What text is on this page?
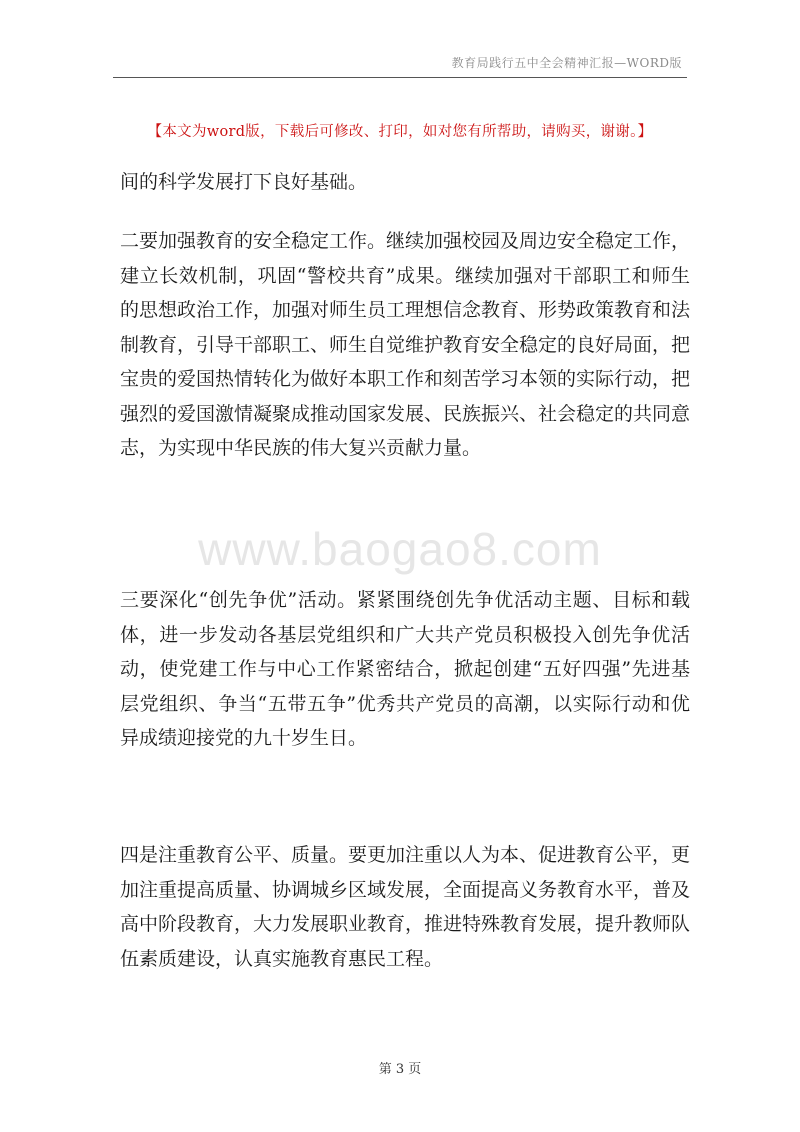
教育局践行五中全会精神汇报—WORD版
【本文为word版，下载后可修改、打印，如对您有所帮助，请购买，谢谢。】
间的科学发展打下良好基础。
二要加强教育的安全稳定工作。继续加强校园及周边安全稳定工作，建立长效机制，巩固“警校共育”成果。继续加强对干部职工和师生的思想政治工作，加强对师生员工理想信念教育、形势政策教育和法制教育，引导干部职工、师生自觉维护教育安全稳定的良好局面，把宝贵的爱国热情转化为做好本职工作和刻苦学习本领的实际行动，把强烈的爱国激情凝聚成推动国家发展、民族振兴、社会稳定的共同意志，为实现中华民族的伟大复兴贡献力量。
www.baogao8.com
三要深化“创先争优”活动。紧紧围绕创先争优活动主题、目标和载体，进一步发动各基层党组织和广大共产党员积极投入创先争优活动，使党建工作与中心工作紧密结合，掀起创建“五好四强”先进基层党组织、争当“五带五争”优秀共产党员的高潮，以实际行动和优异成绩迎接党的九十岁生日。
四是注重教育公平、质量。要更加注重以人为本、促进教育公平，更加注重提高质量、协调城乡区域发展，全面提高义务教育水平，普及高中阶段教育，大力发展职业教育，推进特殊教育发展，提升教师队伍素质建设，认真实施教育惠民工程。
第 3 页
